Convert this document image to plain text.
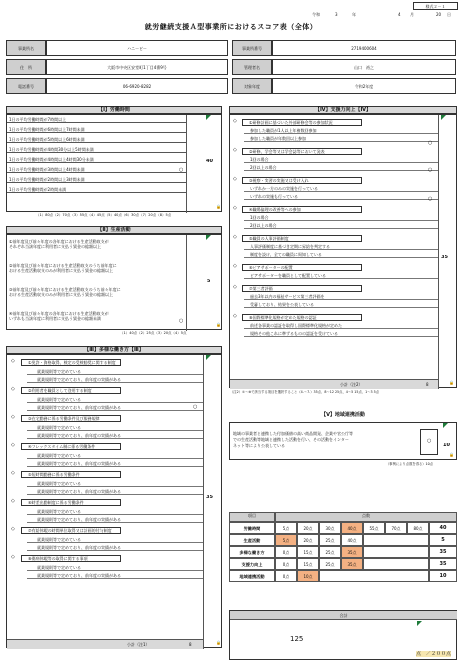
様式２－１
令和	3	年	4 月	20 日
就労継続支援Ａ型事業所におけるスコア表（全体）
事業所名	ハニービー
住　所	大阪市中央区安堂町1丁目4番9号
電話番号	06-6920-8282
事業所番号	2719400604
管理者名	山口　裕之
対象年度	令和2年度
【Ⅰ】労働時間
1日の平均労働時間が7時間以上
1日の平均労働時間が6時間以上7時間未満
1日の平均労働時間が5時間以上6時間未満
1日の平均労働時間が4時間30分以上5時間未満
1日の平均労働時間が4時間以上4時間30分未満
1日の平均労働時間が3時間以上4時間未満
1日の平均労働時間が2時間以上3時間未満
1日の平均労働時間が2時間未満
○
40
🔒
（1）80点（2）70点（3）55点（4）45点（5）40点（6）30点（7）20点（8）5点
【Ⅱ】生産活動
①前年度及び前々年度の各年度における生産活動収支が
それぞれ当該年度に利用者に支払う賃金の総額以上
②前年度及び前々年度における生産活動収支のうち前年度に
おける生産活動収支のみが利用者に支払う賃金の総額以上
③前年度及び前々年度における生産活動収支のうち前々年度に
おける生産活動収支のみが利用者に支払う賃金の総額以上
④前年度及び前々年度の各年度における生産活動収支が
いずれも当該年度に利用者に支払う賃金の総額未満	○
5
🔒
（1）40点（2）25点（3）20点（4）5点
【Ⅲ】多様な働き方【Ⅲ】
35
🔒
小計（注1）	8
◇	①免許・資格取得、検定の受検勧奨に関する制度
就業規則等で定めている
就業規則等で定めており、前年度の実績がある
◇	②利用者を職員として登用する制度
就業規則等で定めている
就業規則等で定めており、前年度の実績がある	○
◇	③在宅勤務に係る労働条件及び服務規律
就業規則等で定めている
就業規則等で定めており、前年度の実績がある
◇	④フレックスタイム制に係る労働条件
就業規則等で定めている
就業規則等で定めており、前年度の実績がある
◇	⑤短時間勤務に係る労働条件
就業規則等で定めている
就業規則等で定めており、前年度の実績がある
◇	⑥時差出勤制度に係る労働条件
就業規則等で定めている
就業規則等で定めており、前年度の実績がある
◇	⑦有給休暇の時間単位取得又は計画的付与制度
就業規則等で定めている
就業規則等で定めており、前年度の実績がある
◇	⑧傷病休暇等の取得に関する事項
就業規則等で定めている
就業規則等で定めており、前年度の実績がある
【Ⅳ】支援力向上【Ⅳ】
35
🔒
小計（注2）	8
◇	①研修計画に基づいた外部研修会等の参加状況
参加した職員が1人以上年複数回参加
参加した職員が年数回以上参加
◇	②研修、学会等又は学会誌等において発表
1回の場合
2回以上の場合
◇	③視察・実習の実施又は受け入れ
いずれか一方のみの実施を行っている
いずれの実施も行っている
◇	④職場倫理の改善等への参加
1回の場合
2回以上の場合
◇	⑤職員の人事評価制度
人事評価制度に基づき定期に昇給を判定する
制度を設け、全ての職員に周知している
◇	⑥ピアサポーターの配置
ピアサポーターを職員として配置している
◇	⑦第三者評価
過去3年以内の福祉サービス第三者評価を
受審しており、結果を公表している
◇	⑧国際標準化規格が定めた規格の認証
前述各事業の認証を取得し国際標準化規格が定めた
規格その他これに準ずるものの認証を受けている
○
○
○
（注2）①～⑧で該当する項目を選択すること（4.～7.）35点、8～12 25点、4～5 15点、1～3 5点
【Ⅴ】地域連携活動
地域の事業者と連携した付加価値の高い商品開発、企業や官公庁等
での生産活動等地域と連携した活動を行い、その活動をインター
ネット等により公表している
○
10
🔒
（事例により点数を得る）10点
項目	点数
労働時間	5点	20点	30点	40点	55点	70点	80点	40
生産活動	5点	20点	25点	40点	5
多様な働き方	0点	15点	25点	35点	35
支援力向上	0点	15点	25点	35点	35
地域連携活動	0点	10点	10
合計
125
点　／２００点
